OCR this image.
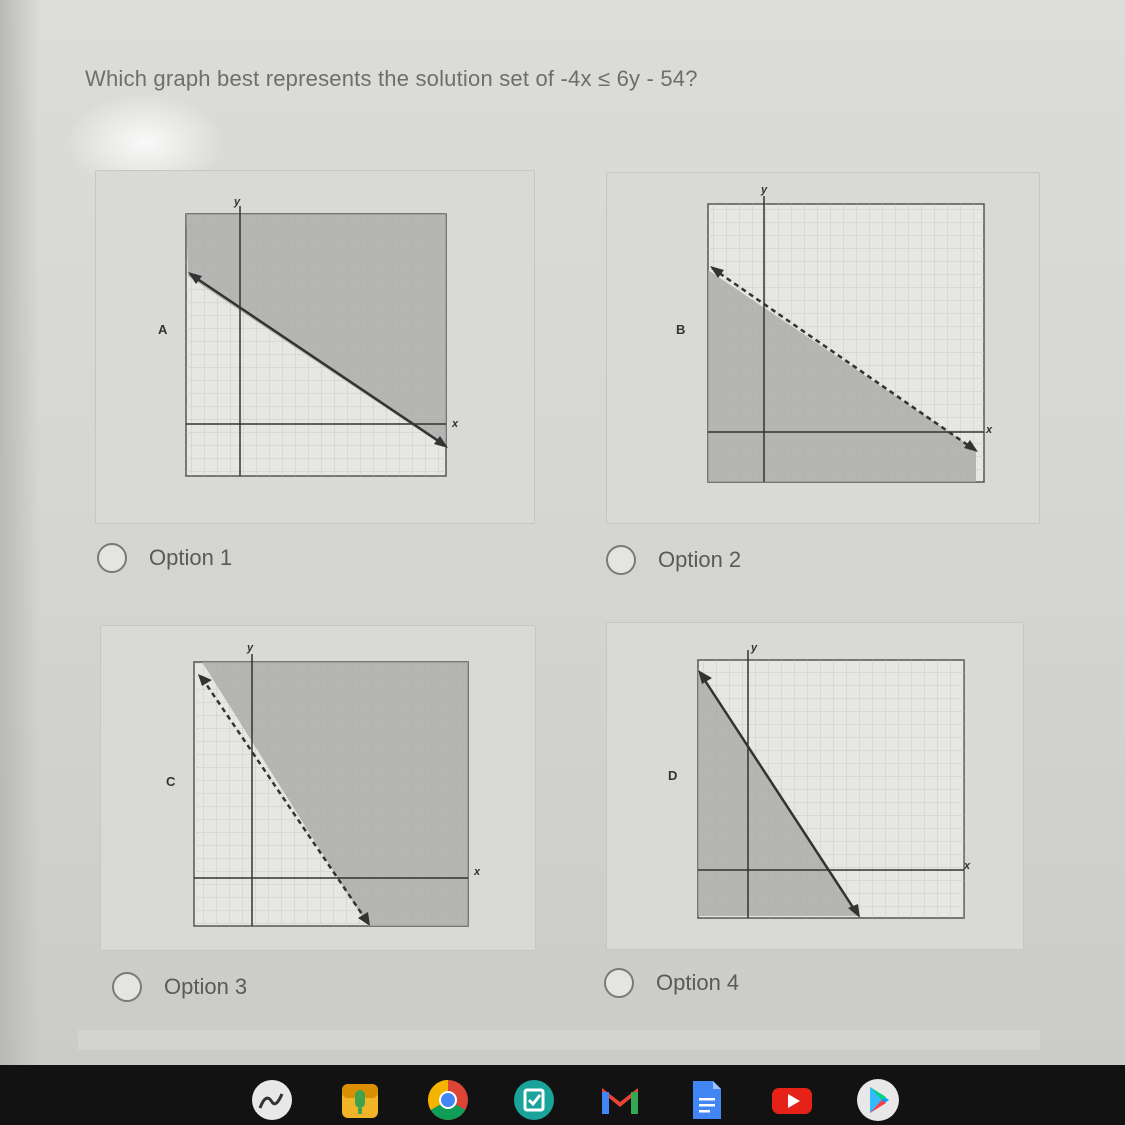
Which graph best represents the solution set of -4x ≤ 6y - 54?
A
y
x
B
y
x
Option 1	Option 2
C
y
x
D
y
x
Option 3	Option 4
